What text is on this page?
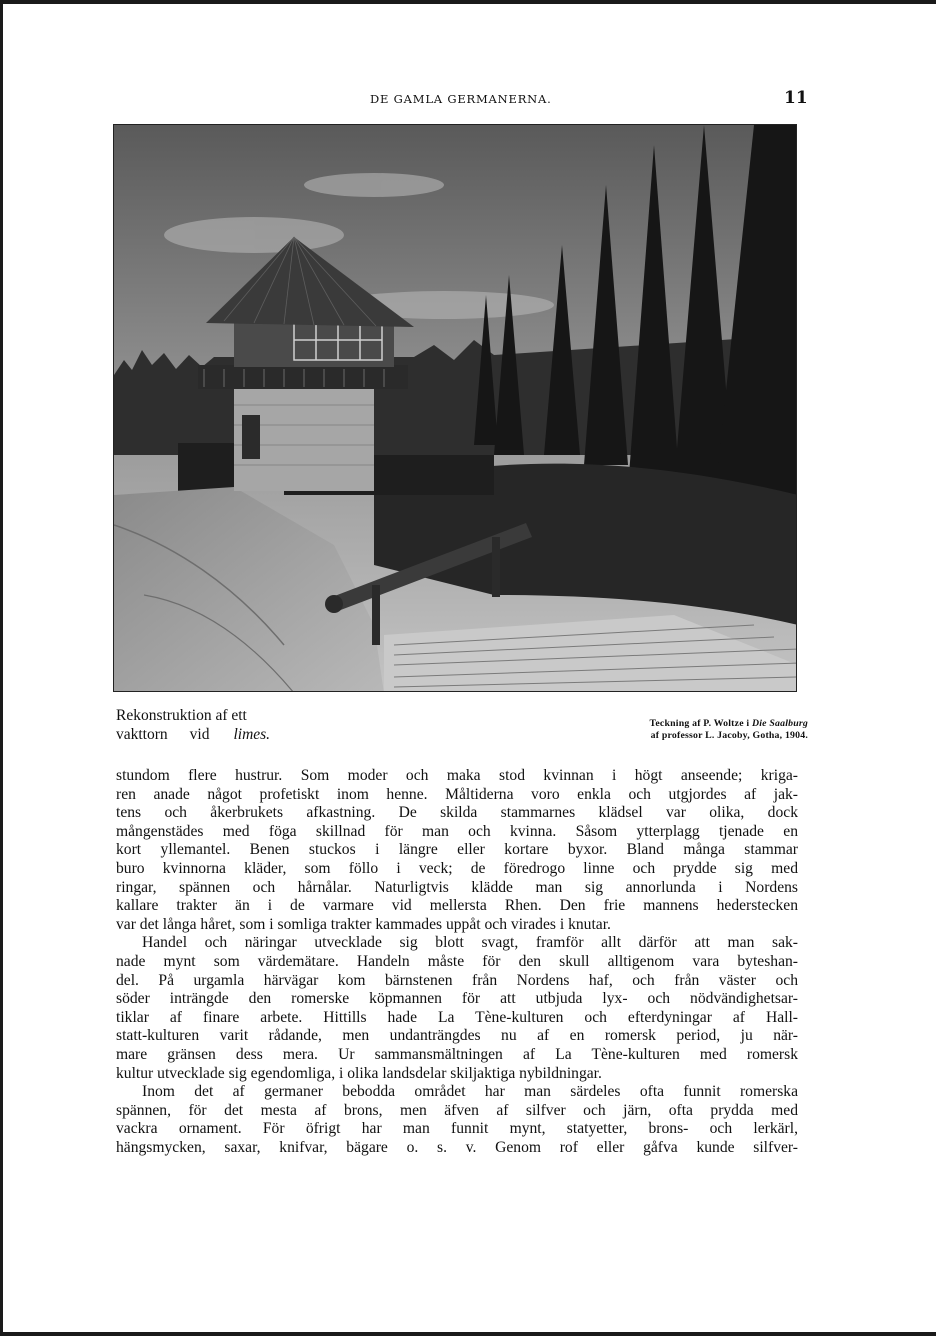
DE GAMLA GERMANERNA.	11
Rekonstruktion af ett
vakttorn vid limes.
Teckning af P. Woltze i Die Saalburg
af professor L. Jacoby, Gotha, 1904.
stundom flere hustrur. Som moder och maka stod kvinnan i högt anseende; kriga-
ren anade något profetiskt inom henne. Måltiderna voro enkla och utgjordes af jak-
tens och åkerbrukets afkastning. De skilda stammarnes klädsel var olika, dock
mångenstädes med föga skillnad för man och kvinna. Såsom ytterplagg tjenade en
kort yllemantel. Benen stuckos i längre eller kortare byxor. Bland många stammar
buro kvinnorna kläder, som föllo i veck; de föredrogo linne och prydde sig med
ringar, spännen och hårnålar. Naturligtvis klädde man sig annorlunda i Nordens
kallare trakter än i de varmare vid mellersta Rhen. Den frie mannens hederstecken
var det långa håret, som i somliga trakter kammades uppåt och virades i knutar.
Handel och näringar utvecklade sig blott svagt, framför allt därför att man sak-
nade mynt som värdemätare. Handeln måste för den skull alltigenom vara byteshan-
del. På urgamla härvägar kom bärnstenen från Nordens haf, och från väster och
söder inträngde den romerske köpmannen för att utbjuda lyx- och nödvändighetsar-
tiklar af finare arbete. Hittills hade La Tène-kulturen och efterdyningar af Hall-
statt-kulturen varit rådande, men undanträngdes nu af en romersk period, ju när-
mare gränsen dess mera. Ur sammansmältningen af La Tène-kulturen med romersk
kultur utvecklade sig egendomliga, i olika landsdelar skiljaktiga nybildningar.
Inom det af germaner bebodda området har man särdeles ofta funnit romerska
spännen, för det mesta af brons, men äfven af silfver och järn, ofta prydda med
vackra ornament. För öfrigt har man funnit mynt, statyetter, brons- och lerkärl,
hängsmycken, saxar, knifvar, bägare o. s. v. Genom rof eller gåfva kunde silfver-
